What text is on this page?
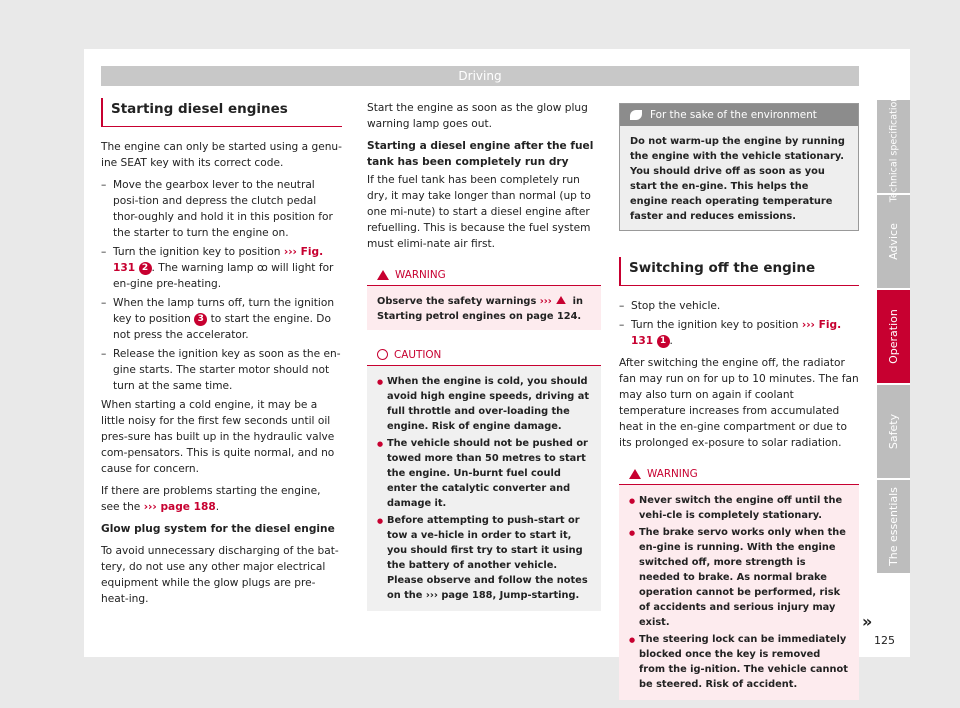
Driving
Starting diesel engines

The engine can only be started using a genu-ine SEAT key with its correct code.

– Move the gearbox lever to the neutral posi-tion and depress the clutch pedal thor-oughly and hold it in this position for the starter to turn the engine on.
– Turn the ignition key to position ››› Fig. 131 2 . The warning lamp ꝏ will light for en-gine pre-heating.
– When the lamp turns off, turn the ignition key to position 3 to start the engine. Do not press the accelerator.
– Release the ignition key as soon as the en-gine starts. The starter motor should not turn at the same time.

When starting a cold engine, it may be a little noisy for the first few seconds until oil pres-sure has built up in the hydraulic valve com-pensators. This is quite normal, and no cause for concern.

If there are problems starting the engine, see the ››› page 188.

Glow plug system for the diesel engine

To avoid unnecessary discharging of the bat-tery, do not use any other major electrical equipment while the glow plugs are pre-heat-ing.

Start the engine as soon as the glow plug warning lamp goes out.

Starting a diesel engine after the fuel tank has been completely run dry

If the fuel tank has been completely run dry, it may take longer than normal (up to one mi-nute) to start a diesel engine after refuelling. This is because the fuel system must elimi-nate air first.

WARNING
Observe the safety warnings ››› in Starting petrol engines on page 124.
CAUTION
● When the engine is cold, you should avoid high engine speeds, driving at full throttle and over-loading the engine. Risk of engine damage.
● The vehicle should not be pushed or towed more than 50 metres to start the engine. Un-burnt fuel could enter the catalytic converter and damage it.
● Before attempting to push-start or tow a ve-hicle in order to start it, you should first try to start it using the battery of another vehicle. Please observe and follow the notes on the ››› page 188, Jump-starting.
For the sake of the environment
Do not warm-up the engine by running the engine with the vehicle stationary. You should drive off as soon as you start the en-gine. This helps the engine reach operating temperature faster and reduces emissions.
Switching off the engine
– Stop the vehicle.
– Turn the ignition key to position ››› Fig. 131 1 .

After switching the engine off, the radiator fan may run on for up to 10 minutes. The fan may also turn on again if coolant temperature increases from accumulated heat in the en-gine compartment or due to its prolonged ex-posure to solar radiation.

WARNING
● Never switch the engine off until the vehi-cle is completely stationary.
● The brake servo works only when the en-gine is running. With the engine switched off, more strength is needed to brake. As normal brake operation cannot be performed, risk of accidents and serious injury may exist.
● The steering lock can be immediately blocked once the key is removed from the ig-nition. The vehicle cannot be steered. Risk of accident.
»
Technical specifications
Advice
Operation
Safety
The essentials
125
